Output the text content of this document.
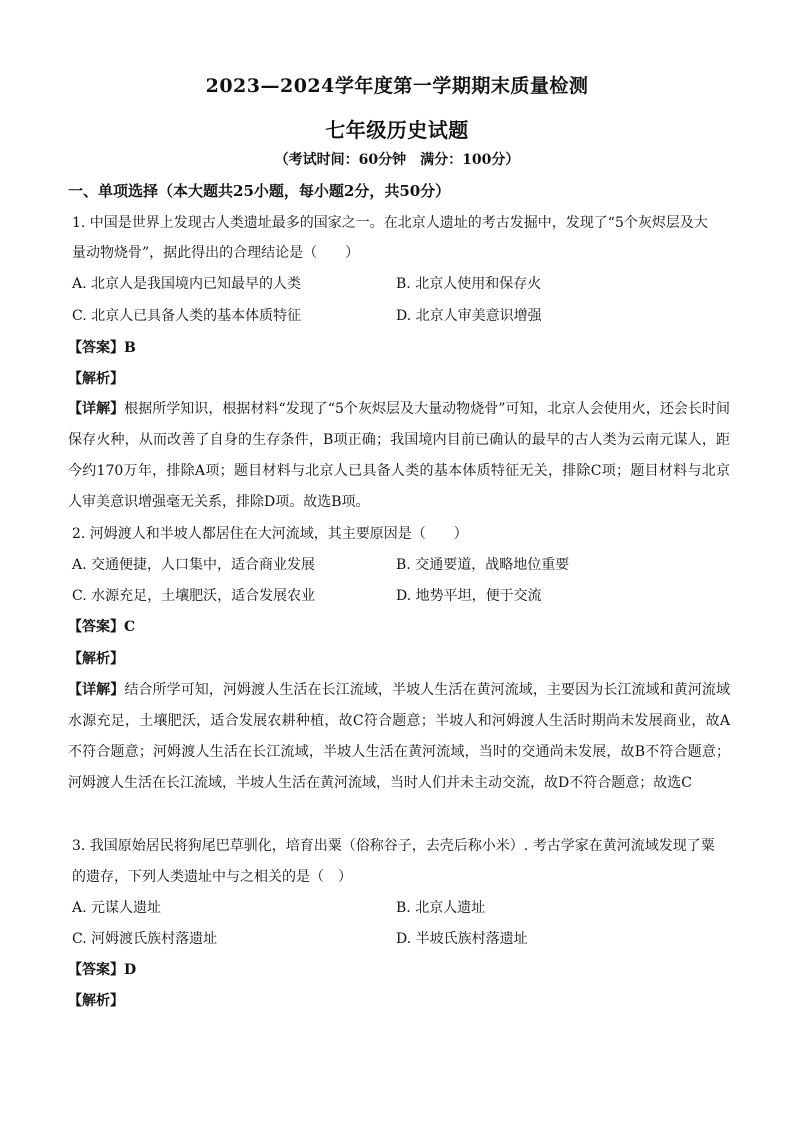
2023—2024学年度第一学期期末质量检测
七年级历史试题
（考试时间：60分钟　满分：100分）
一、单项选择（本大题共25小题，每小题2分，共50分）
1. 中国是世界上发现古人类遗址最多的国家之一。在北京人遗址的考古发掘中，发现了“5个灰烬层及大
量动物烧骨”，据此得出的合理结论是（　　）
A. 北京人是我国境内已知最早的人类	B. 北京人使用和保存火
C. 北京人已具备人类的基本体质特征	D. 北京人审美意识增强
【答案】B
【解析】
【详解】根据所学知识，根据材料“发现了“5个灰烬层及大量动物烧骨”可知，北京人会使用火，还会长时间保存火种，从而改善了自身的生存条件，B项正确；我国境内目前已确认的最早的古人类为云南元谋人，距今约170万年，排除A项；题目材料与北京人已具备人类的基本体质特征无关，排除C项；题目材料与北京人审美意识增强毫无关系，排除D项。故选B项。
2. 河姆渡人和半坡人都居住在大河流域，其主要原因是（　　）
A. 交通便捷，人口集中，适合商业发展	B. 交通要道，战略地位重要
C. 水源充足，土壤肥沃，适合发展农业	D. 地势平坦，便于交流
【答案】C
【解析】
【详解】结合所学可知，河姆渡人生活在长江流域，半坡人生活在黄河流域，主要因为长江流域和黄河流域水源充足，土壤肥沃，适合发展农耕种植，故C符合题意；半坡人和河姆渡人生活时期尚未发展商业，故A不符合题意；河姆渡人生活在长江流域，半坡人生活在黄河流域，当时的交通尚未发展，故B不符合题意；河姆渡人生活在长江流域，半坡人生活在黄河流域，当时人们并未主动交流，故D不符合题意；故选C
3. 我国原始居民将狗尾巴草驯化，培育出粟（俗称谷子，去壳后称小米）. 考古学家在黄河流域发现了粟
的遗存，下列人类遗址中与之相关的是（　）
A. 元谋人遗址	B. 北京人遗址
C. 河姆渡氏族村落遗址	D. 半坡氏族村落遗址
【答案】D
【解析】
